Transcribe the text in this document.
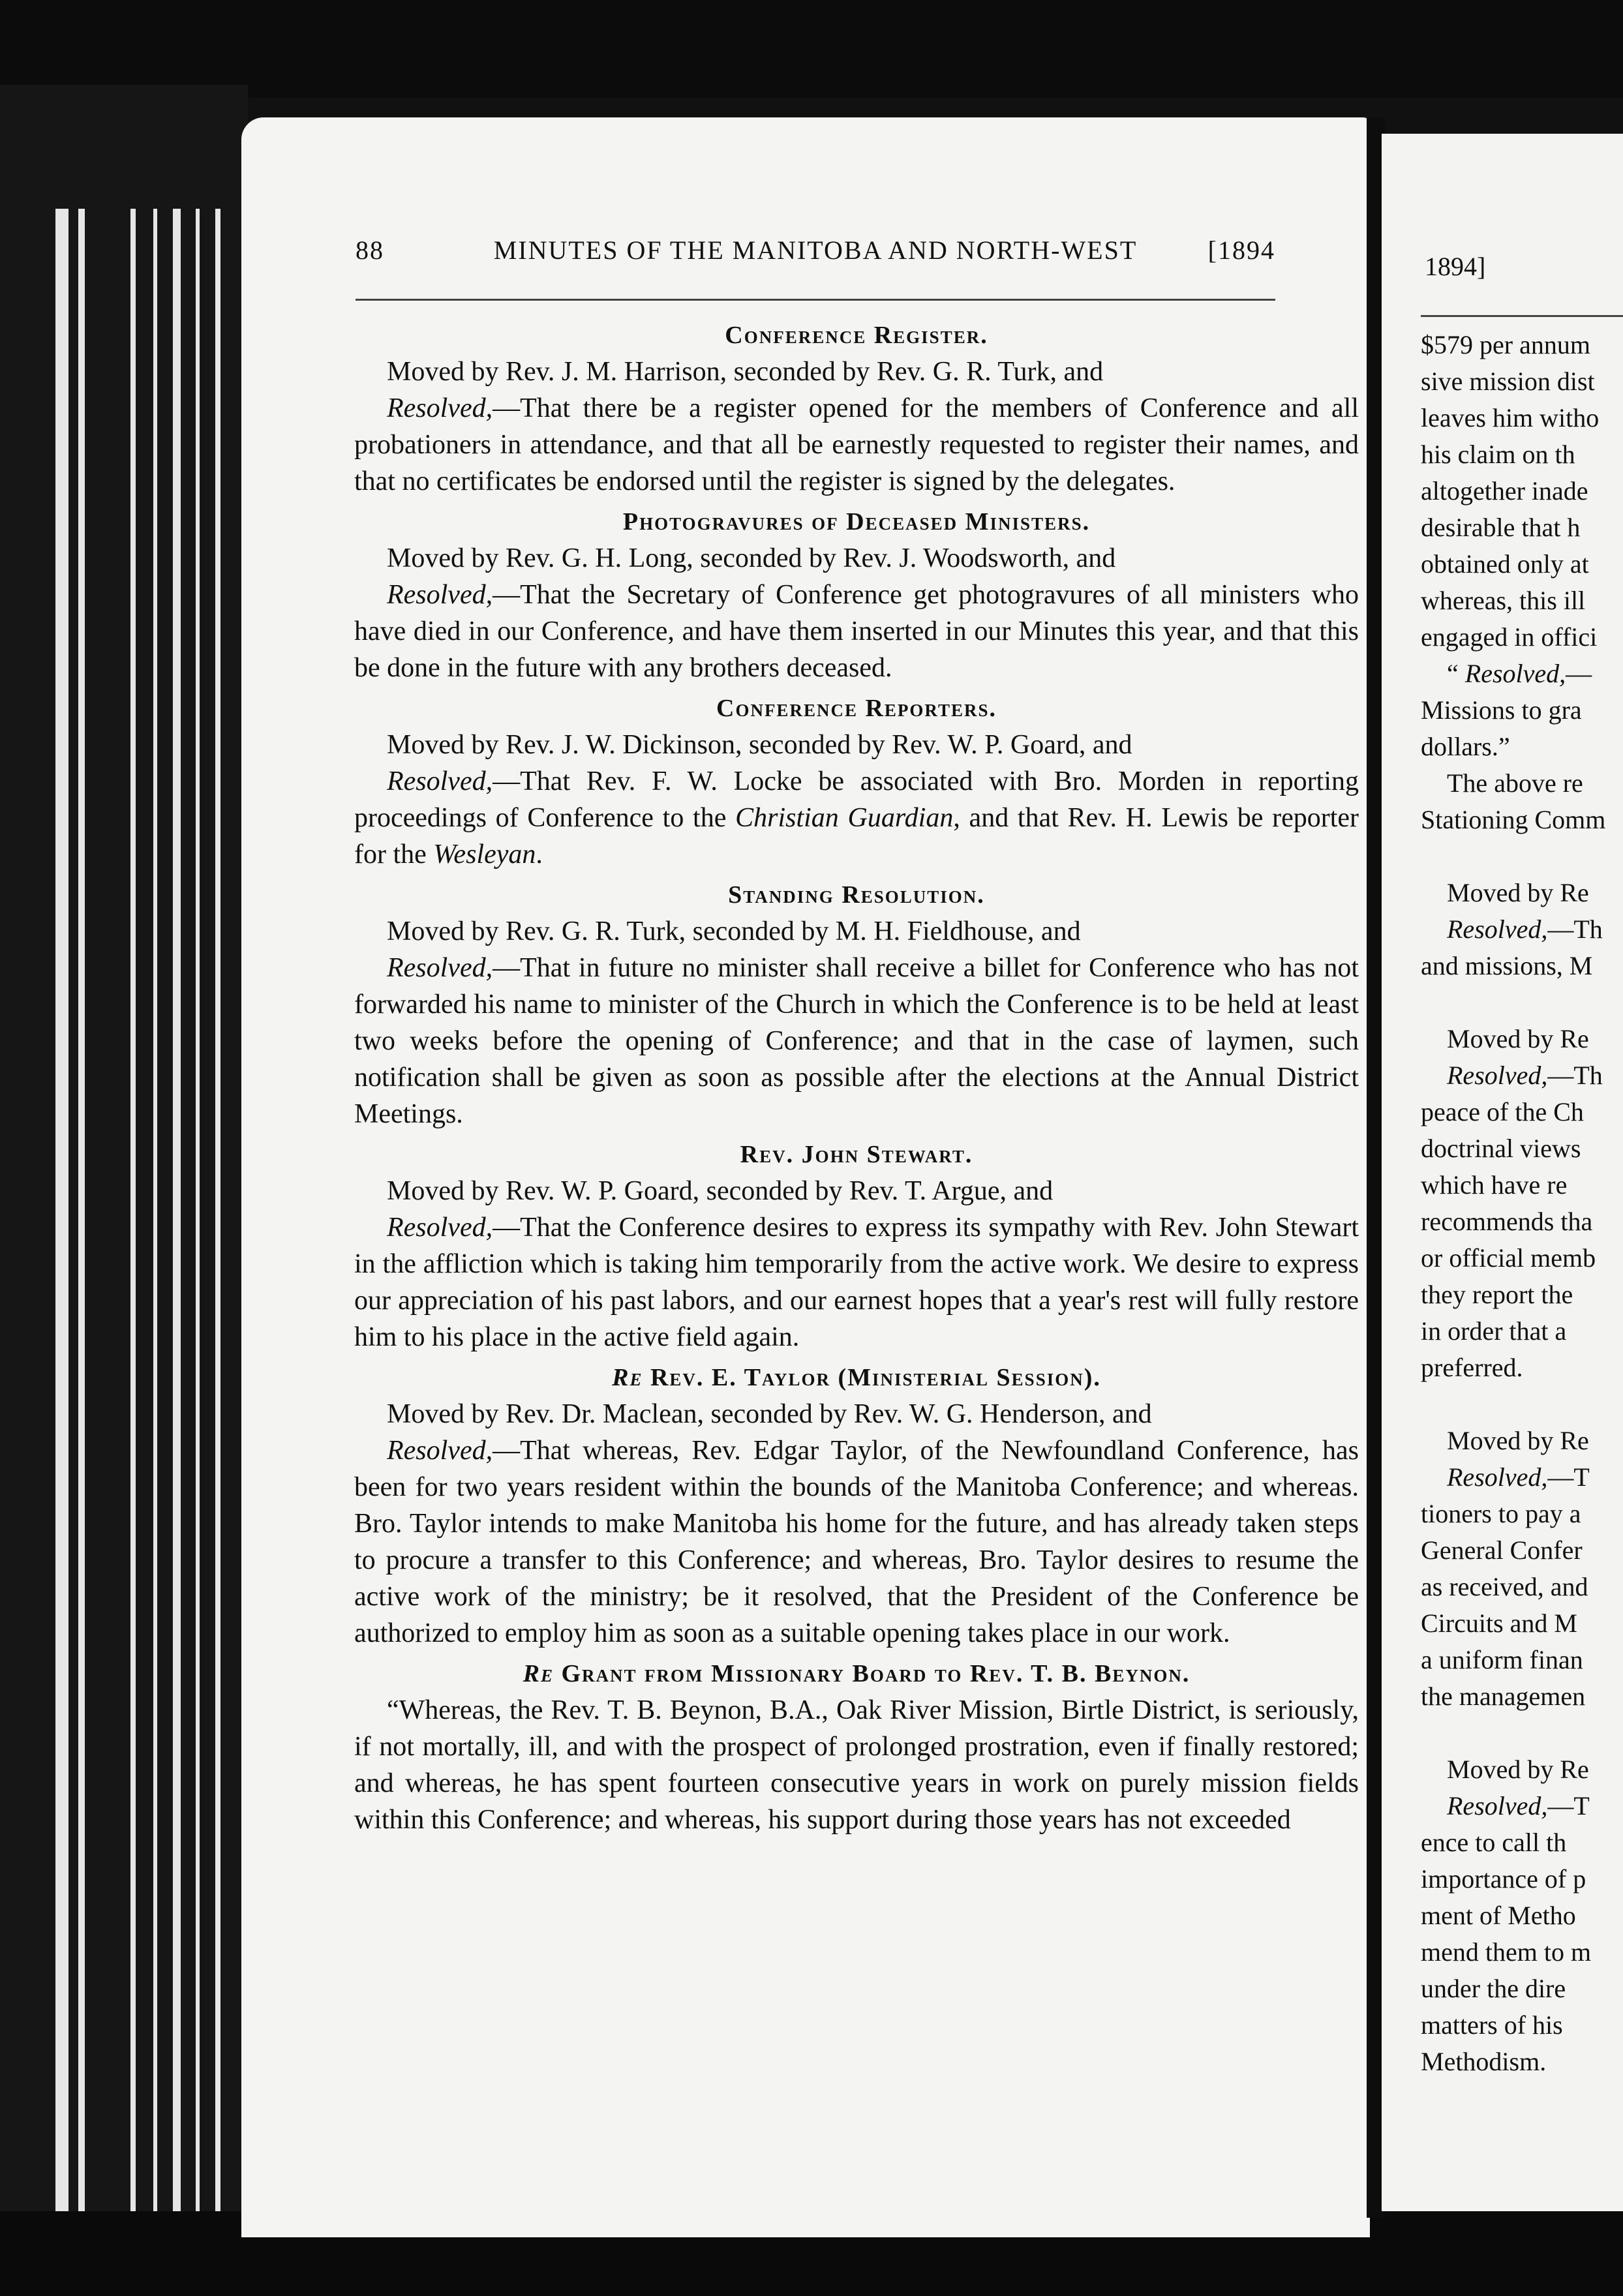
88	MINUTES OF THE MANITOBA AND NORTH-WEST	[1894
Conference Register.

Moved by Rev. J. M. Harrison, seconded by Rev. G. R. Turk, and

Resolved,—That there be a register opened for the members of Conference and all probationers in attendance, and that all be earnestly requested to register their names, and that no certificates be endorsed until the register is signed by the delegates.

Photogravures of Deceased Ministers.

Moved by Rev. G. H. Long, seconded by Rev. J. Woodsworth, and

Resolved,—That the Secretary of Conference get photogravures of all ministers who have died in our Conference, and have them inserted in our Minutes this year, and that this be done in the future with any brothers deceased.

Conference Reporters.

Moved by Rev. J. W. Dickinson, seconded by Rev. W. P. Goard, and

Resolved,—That Rev. F. W. Locke be associated with Bro. Morden in reporting proceedings of Conference to the Christian Guardian, and that Rev. H. Lewis be reporter for the Wesleyan.

Standing Resolution.

Moved by Rev. G. R. Turk, seconded by M. H. Fieldhouse, and

Resolved,—That in future no minister shall receive a billet for Conference who has not forwarded his name to minister of the Church in which the Conference is to be held at least two weeks before the opening of Conference; and that in the case of laymen, such notification shall be given as soon as possible after the elections at the Annual District Meetings.

Rev. John Stewart.

Moved by Rev. W. P. Goard, seconded by Rev. T. Argue, and

Resolved,—That the Conference desires to express its sympathy with Rev. John Stewart in the affliction which is taking him temporarily from the active work. We desire to express our appreciation of his past labors, and our earnest hopes that a year's rest will fully restore him to his place in the active field again.

Re Rev. E. Taylor (Ministerial Session).

Moved by Rev. Dr. Maclean, seconded by Rev. W. G. Henderson, and

Resolved,—That whereas, Rev. Edgar Taylor, of the Newfoundland Conference, has been for two years resident within the bounds of the Manitoba Conference; and whereas. Bro. Taylor intends to make Manitoba his home for the future, and has already taken steps to procure a transfer to this Conference; and whereas, Bro. Taylor desires to resume the active work of the ministry; be it resolved, that the President of the Conference be authorized to employ him as soon as a suitable opening takes place in our work.

Re Grant from Missionary Board to Rev. T. B. Beynon.

“Whereas, the Rev. T. B. Beynon, B.A., Oak River Mission, Birtle District, is seriously, if not mortally, ill, and with the prospect of prolonged prostration, even if finally restored; and whereas, he has spent fourteen consecutive years in work on purely mission fields within this Conference; and whereas, his support during those years has not exceeded

1894]
$579 per annum
sive mission dist
leaves him witho
his claim on th
altogether inade
desirable that h
obtained only at
whereas, this ill
engaged in offici
“ Resolved,—
Missions to gra
dollars.”
The above re
Stationing Comm
Moved by Re
Resolved,—Th
and missions, M
Moved by Re
Resolved,—Th
peace of the Ch
doctrinal views
which have re
recommends tha
or official memb
they report the
in order that a
preferred.
Moved by Re
Resolved,—T
tioners to pay a
General Confer
as received, and
Circuits and M
a uniform finan
the managemen
Moved by Re
Resolved,—T
ence to call th
importance of p
ment of Metho
mend them to m
under the dire
matters of his
Methodism.
